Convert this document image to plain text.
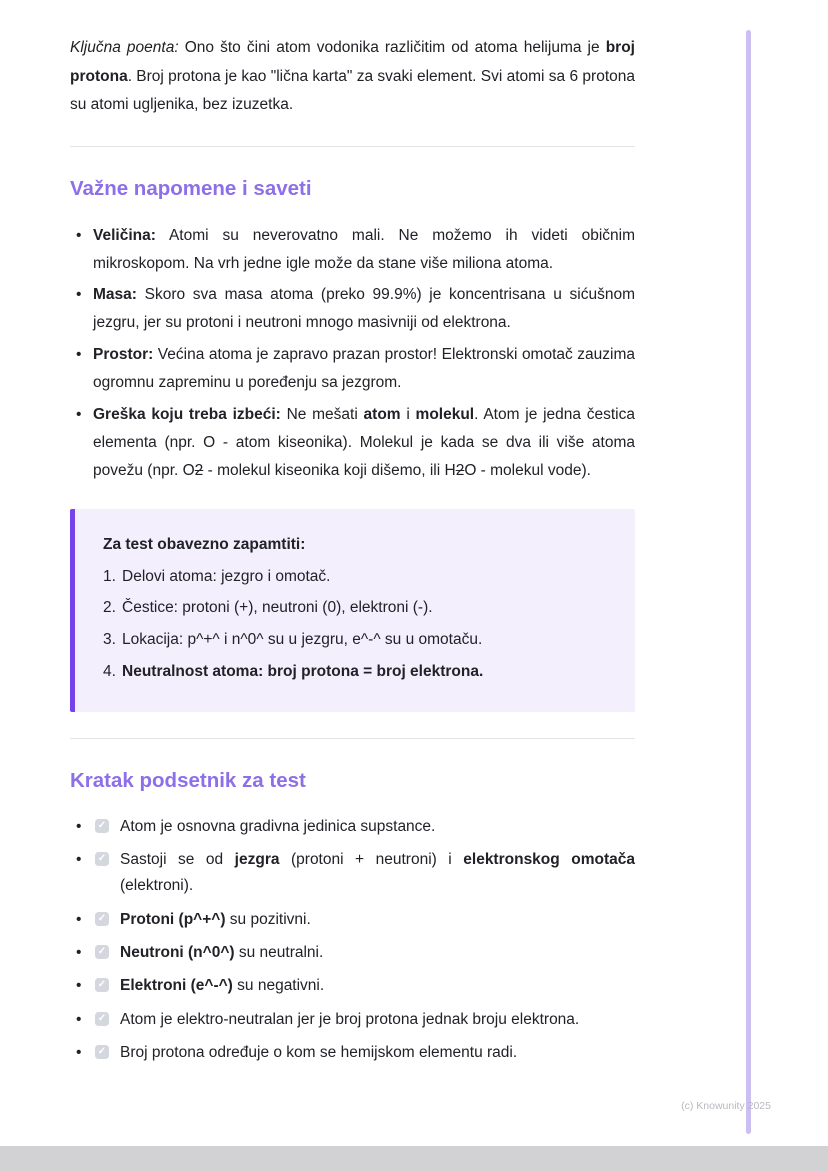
Ključna poenta: Ono što čini atom vodonika različitim od atoma helijuma je broj protona. Broj protona je kao "lična karta" za svaki element. Svi atomi sa 6 protona su atomi ugljenika, bez izuzetka.

Važne napomene i saveti
• Veličina: Atomi su neverovatno mali. Ne možemo ih videti običnim mikroskopom. Na vrh jedne igle može da stane više miliona atoma.
• Masa: Skoro sva masa atoma (preko 99.9%) je koncentrisana u sićušnom jezgru, jer su protoni i neutroni mnogo masivniji od elektrona.
• Prostor: Većina atoma je zapravo prazan prostor! Elektronski omotač zauzima ogromnu zapreminu u poređenju sa jezgrom.
• Greška koju treba izbeći: Ne mešati atom i molekul. Atom je jedna čestica elementa (npr. O - atom kiseonika). Molekul je kada se dva ili više atoma povežu (npr. O2 - molekul kiseonika koji dišemo, ili H2O - molekul vode).
Za test obavezno zapamtiti:
1. Delovi atoma: jezgro i omotač.
2. Čestice: protoni (+), neutroni (0), elektroni (-).
3. Lokacija: p^+^ i n^0^ su u jezgru, e^-^ su u omotaču.
4. Neutralnost atoma: broj protona = broj elektrona.
Kratak podsetnik za test
• ✓ Atom je osnovna gradivna jedinica supstance.
• ✓ Sastoji se od jezgra (protoni + neutroni) i elektronskog omotača (elektroni).
• ✓ Protoni (p^+^) su pozitivni.
• ✓ Neutroni (n^0^) su neutralni.
• ✓ Elektroni (e^-^) su negativni.
• ✓ Atom je elektro-neutralan jer je broj protona jednak broju elektrona.
• ✓ Broj protona određuje o kom se hemijskom elementu radi.
(c) Knowunity 2025
